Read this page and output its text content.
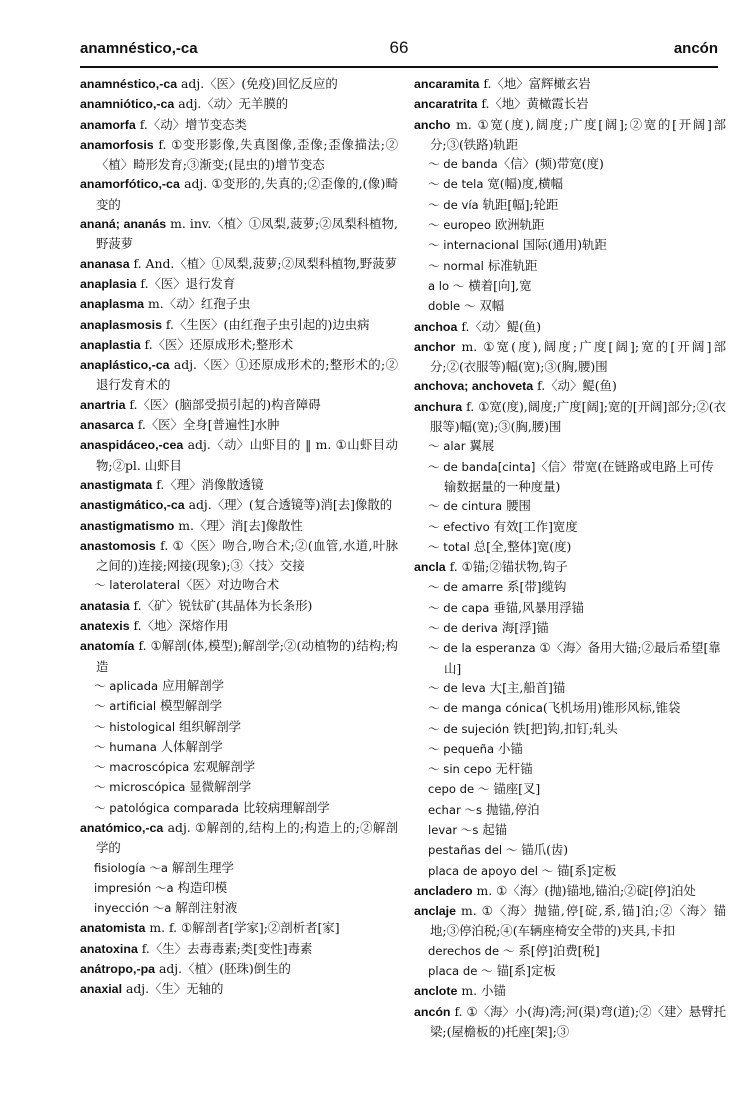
anamnéstico,-ca	66	ancón

anamnéstico,-ca adj.〈医〉(免疫)回忆反应的

anamniótico,-ca adj.〈动〉无羊膜的

anamorfa f.〈动〉增节变态类

anamorfosis f. ①变形影像,失真图像,歪像;歪像描法;②〈植〉畸形发育;③渐变;(昆虫的)增节变态

anamorfótico,-ca adj. ①变形的,失真的;②歪像的,(像)畸变的

ananá; ananás m. inv.〈植〉①凤梨,菠萝;②凤梨科植物,野菠萝

ananasa f. And.〈植〉①凤梨,菠萝;②凤梨科植物,野菠萝

anaplasia f.〈医〉退行发育

anaplasma m.〈动〉红孢子虫

anaplasmosis f.〈生医〉(由红孢子虫引起的)边虫病

anaplastia f.〈医〉还原成形术;整形术

anaplástico,-ca adj.〈医〉①还原成形术的;整形术的;②退行发育术的

anartria f.〈医〉(脑部受损引起的)构音障碍

anasarca f.〈医〉全身[普遍性]水肿

anaspidáceo,-cea adj.〈动〉山虾目的 ‖ m. ①山虾目动物;②pl. 山虾目

anastigmata f.〈理〉消像散透镜

anastigmático,-ca adj.〈理〉(复合透镜等)消[去]像散的

anastigmatismo m.〈理〉消[去]像散性

anastomosis f. ①〈医〉吻合,吻合术;②(血管,水道,叶脉之间的)连接;网接(现象);③〈技〉交接

～ laterolateral〈医〉对边吻合术

anatasia f.〈矿〉锐钛矿(其晶体为长条形)

anatexis f.〈地〉深熔作用

anatomía f. ①解剖(体,模型);解剖学;②(动植物的)结构;构造

～ aplicada 应用解剖学

～ artificial 模型解剖学

～ histological 组织解剖学

～ humana 人体解剖学

～ macroscópica 宏观解剖学

～ microscópica 显微解剖学

～ patológica comparada 比较病理解剖学

anatómico,-ca adj. ①解剖的,结构上的;构造上的;②解剖学的

fisiología ～a 解剖生理学

impresión ～a 构造印模

inyección ～a 解剖注射液

anatomista m. f. ①解剖者[学家];②剖析者[家]

anatoxina f.〈生〉去毒毒素;类[变性]毒素

anátropo,-pa adj.〈植〉(胚珠)倒生的

anaxial adj.〈生〉无轴的

ancaramita f.〈地〉富辉橄玄岩

ancaratrita f.〈地〉黄橄霞长岩

ancho m. ①宽(度),阔度;广度[阔];②宽的[开阔]部分;③(铁路)轨距

～ de banda〈信〉(频)带宽(度)

～ de tela 宽(幅)度,横幅

～ de vía 轨距[幅];轮距

～ europeo 欧洲轨距

～ internacional 国际(通用)轨距

～ normal 标准轨距

a lo ～ 横着[向],宽

doble ～ 双幅

anchoa f.〈动〉鳀(鱼)

anchor m. ①宽(度),阔度;广度[阔];宽的[开阔]部分;②(衣服等)幅(宽);③(胸,腰)围

anchova; anchoveta f.〈动〉鳀(鱼)

anchura f. ①宽(度),阔度;广度[阔];宽的[开阔]部分;②(衣服等)幅(宽);③(胸,腰)围

～ alar 翼展

～ de banda[cinta]〈信〉带宽(在链路或电路上可传输数据量的一种度量)

～ de cintura 腰围

～ efectivo 有效[工作]宽度

～ total 总[全,整体]宽(度)

ancla f. ①锚;②锚状物,钩子

～ de amarre 系[带]缆钩

～ de capa 垂锚,风暴用浮锚

～ de deriva 海[浮]锚

～ de la esperanza ①〈海〉备用大锚;②最后希望[靠山]

～ de leva 大[主,船首]锚

～ de manga cónica(飞机场用)锥形风标,锥袋

～ de sujeción 铁[把]钩,扣钉;轧头

～ pequeña 小锚

～ sin cepo 无杆锚

cepo de ～ 锚座[叉]

echar ～s 抛锚,停泊

levar ～s 起锚

pestañas del ～ 锚爪(齿)

placa de apoyo del ～ 锚[系]定板

ancladero m. ①〈海〉(抛)锚地,锚泊;②碇[停]泊处

anclaje m. ①〈海〉抛锚,停[碇,系,锚]泊;②〈海〉锚地;③停泊税;④(车辆座椅安全带的)夹具,卡扣

derechos de ～ 系[停]泊费[税]

placa de ～ 锚[系]定板

anclote m. 小锚

ancón f. ①〈海〉小(海)湾;河(渠)弯(道);②〈建〉悬臂托梁;(屋檐板的)托座[架];③
